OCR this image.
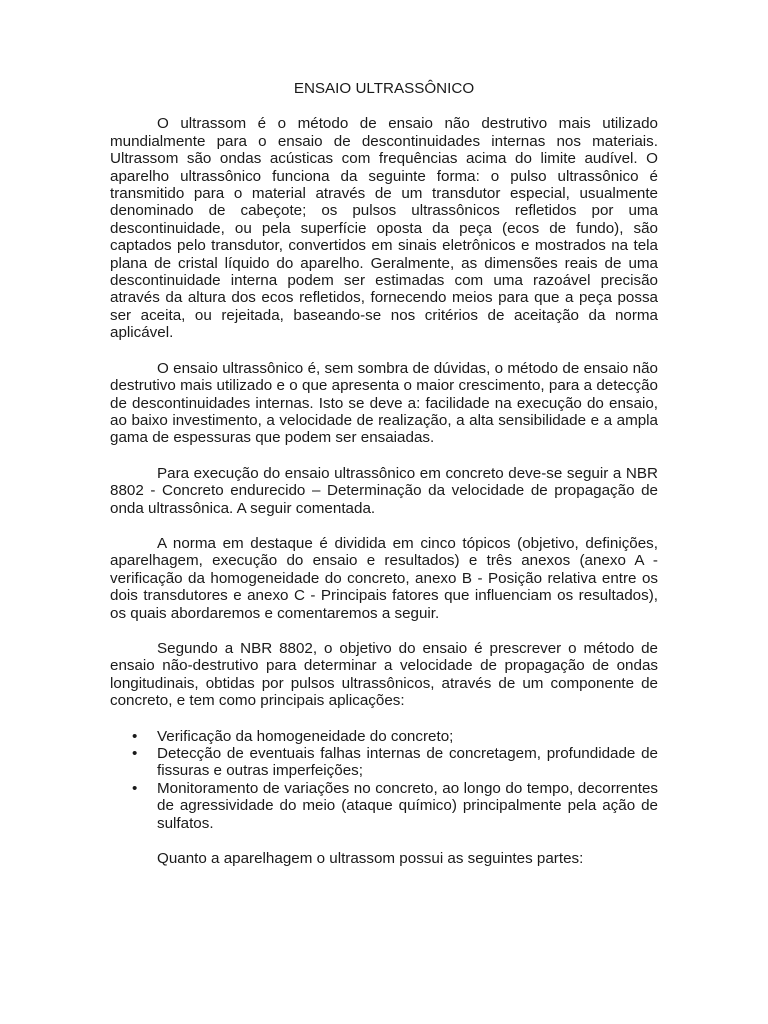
ENSAIO ULTRASSÔNICO

O ultrassom é o método de ensaio não destrutivo mais utilizado mundialmente para o ensaio de descontinuidades internas nos materiais. Ultrassom são ondas acústicas com frequências acima do limite audível. O aparelho ultrassônico funciona da seguinte forma: o pulso ultrassônico é transmitido para o material através de um transdutor especial, usualmente denominado de cabeçote; os pulsos ultrassônicos refletidos por uma descontinuidade, ou pela superfície oposta da peça (ecos de fundo), são captados pelo transdutor, convertidos em sinais eletrônicos e mostrados na tela plana de cristal líquido do aparelho. Geralmente, as dimensões reais de uma descontinuidade interna podem ser estimadas com uma razoável precisão através da altura dos ecos refletidos, fornecendo meios para que a peça possa ser aceita, ou rejeitada, baseando-se nos critérios de aceitação da norma aplicável.

O ensaio ultrassônico é, sem sombra de dúvidas, o método de ensaio não destrutivo mais utilizado e o que apresenta o maior crescimento, para a detecção de descontinuidades internas. Isto se deve a: facilidade na execução do ensaio, ao baixo investimento, a velocidade de realização, a alta sensibilidade e a ampla gama de espessuras que podem ser ensaiadas.

Para execução do ensaio ultrassônico em concreto deve-se seguir a NBR 8802 - Concreto endurecido – Determinação da velocidade de propagação de onda ultrassônica. A seguir comentada.

A norma em destaque é dividida em cinco tópicos (objetivo, definições, aparelhagem, execução do ensaio e resultados) e três anexos (anexo A - verificação da homogeneidade do concreto, anexo B - Posição relativa entre os dois transdutores e anexo C - Principais fatores que influenciam os resultados), os quais abordaremos e comentaremos a seguir.

Segundo a NBR 8802, o objetivo do ensaio é prescrever o método de ensaio não-destrutivo para determinar a velocidade de propagação de ondas longitudinais, obtidas por pulsos ultrassônicos, através de um componente de concreto, e tem como principais aplicações:

• Verificação da homogeneidade do concreto;
• Detecção de eventuais falhas internas de concretagem, profundidade de fissuras e outras imperfeições;
• Monitoramento de variações no concreto, ao longo do tempo, decorrentes de agressividade do meio (ataque químico) principalmente pela ação de sulfatos.

Quanto a aparelhagem o ultrassom possui as seguintes partes:
